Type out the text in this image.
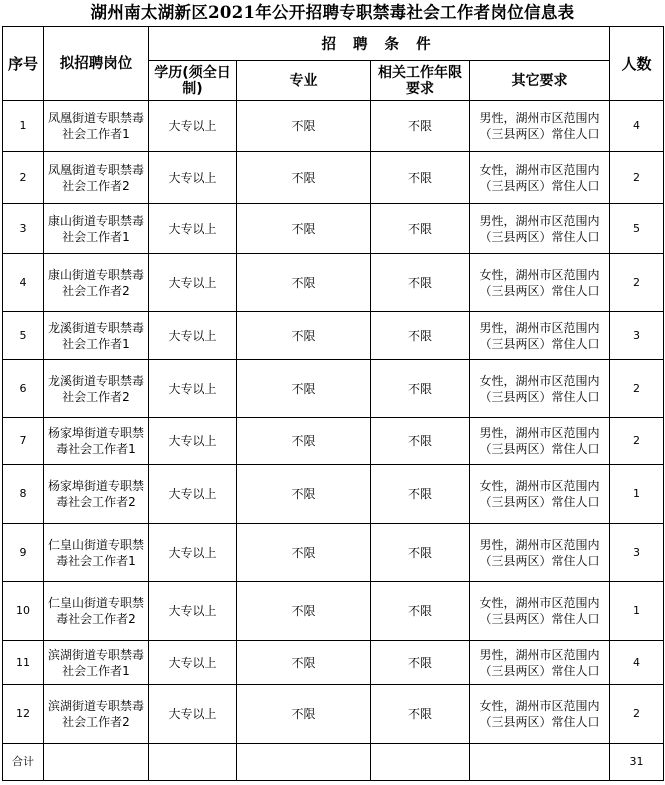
湖州南太湖新区2021年公开招聘专职禁毒社会工作者岗位信息表
序号	拟招聘岗位	招 聘 条 件				人数
		学历(须全日制)	专业	相关工作年限要求	其它要求	
1	凤凰街道专职禁毒社会工作者1	大专以上	不限	不限	男性，湖州市区范围内（三县两区）常住人口	4
2	凤凰街道专职禁毒社会工作者2	大专以上	不限	不限	女性，湖州市区范围内（三县两区）常住人口	2
3	康山街道专职禁毒社会工作者1	大专以上	不限	不限	男性，湖州市区范围内（三县两区）常住人口	5
4	康山街道专职禁毒社会工作者2	大专以上	不限	不限	女性，湖州市区范围内（三县两区）常住人口	2
5	龙溪街道专职禁毒社会工作者1	大专以上	不限	不限	男性，湖州市区范围内（三县两区）常住人口	3
6	龙溪街道专职禁毒社会工作者2	大专以上	不限	不限	女性，湖州市区范围内（三县两区）常住人口	2
7	杨家埠街道专职禁毒社会工作者1	大专以上	不限	不限	男性，湖州市区范围内（三县两区）常住人口	2
8	杨家埠街道专职禁毒社会工作者2	大专以上	不限	不限	女性，湖州市区范围内（三县两区）常住人口	1
9	仁皇山街道专职禁毒社会工作者1	大专以上	不限	不限	男性，湖州市区范围内（三县两区）常住人口	3
10	仁皇山街道专职禁毒社会工作者2	大专以上	不限	不限	女性，湖州市区范围内（三县两区）常住人口	1
11	滨湖街道专职禁毒社会工作者1	大专以上	不限	不限	男性，湖州市区范围内（三县两区）常住人口	4
12	滨湖街道专职禁毒社会工作者2	大专以上	不限	不限	女性，湖州市区范围内（三县两区）常住人口	2
合计						31
